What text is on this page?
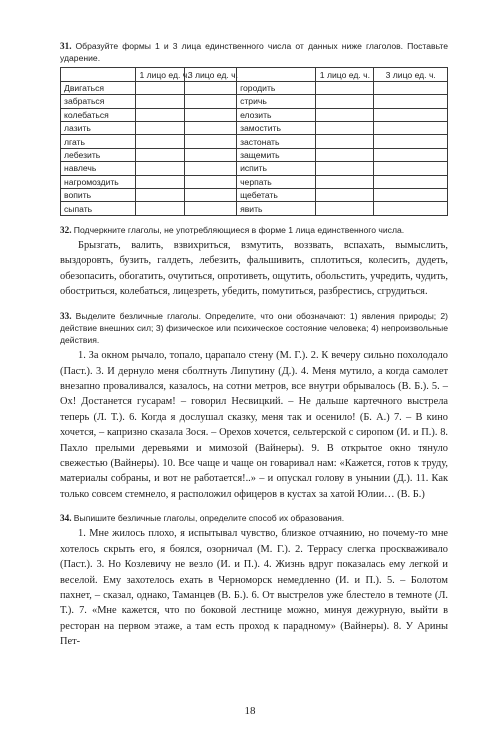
31. Образуйте формы 1 и 3 лица единственного числа от данных ниже глаголов. Поставьте ударение.

	1 лицо ед. ч.	3 лицо ед. ч.		1 лицо ед. ч.	3 лицо ед. ч.
Двигаться			городить		
забраться			стричь		
колебаться			елозить		
лазить			замостить		
лгать			застонать		
лебезить			защемить		
навлечь			испить		
нагромоздить			черпать		
вопить			щебетать		
сыпать			явить		

32. Подчеркните глаголы, не употребляющиеся в форме 1 лица единственного числа.

Брызгать, валить, взвихриться, взмутить, воззвать, вспахать, вымыслить, выздоровть, бузить, галдеть, лебезить, фальшивить, сплотиться, колесить, дудеть, обезопасить, обогатить, очутиться, опротиветь, ощутить, обольстить, учредить, чудить, обостриться, колебаться, лицезреть, убедить, помутиться, разбрестись, сгрудиться.

33. Выделите безличные глаголы. Определите, что они обозначают: 1) явления природы; 2) действие внешних сил; 3) физическое или психическое состояние человека; 4) непроизвольные действия.

1. За окном рычало, топало, царапало стену (М. Г.). 2. К вечеру сильно похолодало (Паст.). 3. И дернуло меня сболтнуть Липутину (Д.). 4. Меня мутило, а когда самолет внезапно проваливался, казалось, на сотни метров, все внутри обрывалось (В. Б.). 5. – Ох! Достанется гусарам! – говорил Несвицкий. – Не дальше картечного выстрела теперь (Л. Т.). 6. Когда я дослушал сказку, меня так и осенило! (Б. А.) 7. – В кино хочется, – капризно сказала Зося. – Орехов хочется, сельтерской с сиропом (И. и П.). 8. Пахло прелыми деревьями и мимозой (Вайнеры). 9. В открытое окно тянуло свежестью (Вайнеры). 10. Все чаще и чаще он говаривал нам: «Кажется, готов к труду, материалы собраны, и вот не работается!..» – и опускал голову в унынии (Д.). 11. Как только совсем стемнело, я расположил офицеров в кустах за хатой Юлии… (В. Б.)

34. Выпишите безличные глаголы, определите способ их образования.

1. Мне жилось плохо, я испытывал чувство, близкое отчаянию, но почему-то мне хотелось скрыть его, я боялся, озорничал (М. Г.). 2. Террасу слегка проскваживало (Паст.). 3. Но Козлевичу не везло (И. и П.). 4. Жизнь вдруг показалась ему легкой и веселой. Ему захотелось ехать в Черноморск немедленно (И. и П.). 5. – Болотом пахнет, – сказал, однако, Таманцев (В. Б.). 6. От выстрелов уже блестело в темноте (Л. Т.). 7. «Мне кажется, что по боковой лестнице можно, минуя дежурную, выйти в ресторан на первом этаже, а там есть проход к парадному» (Вайнеры). 8. У Арины Пет-

18
